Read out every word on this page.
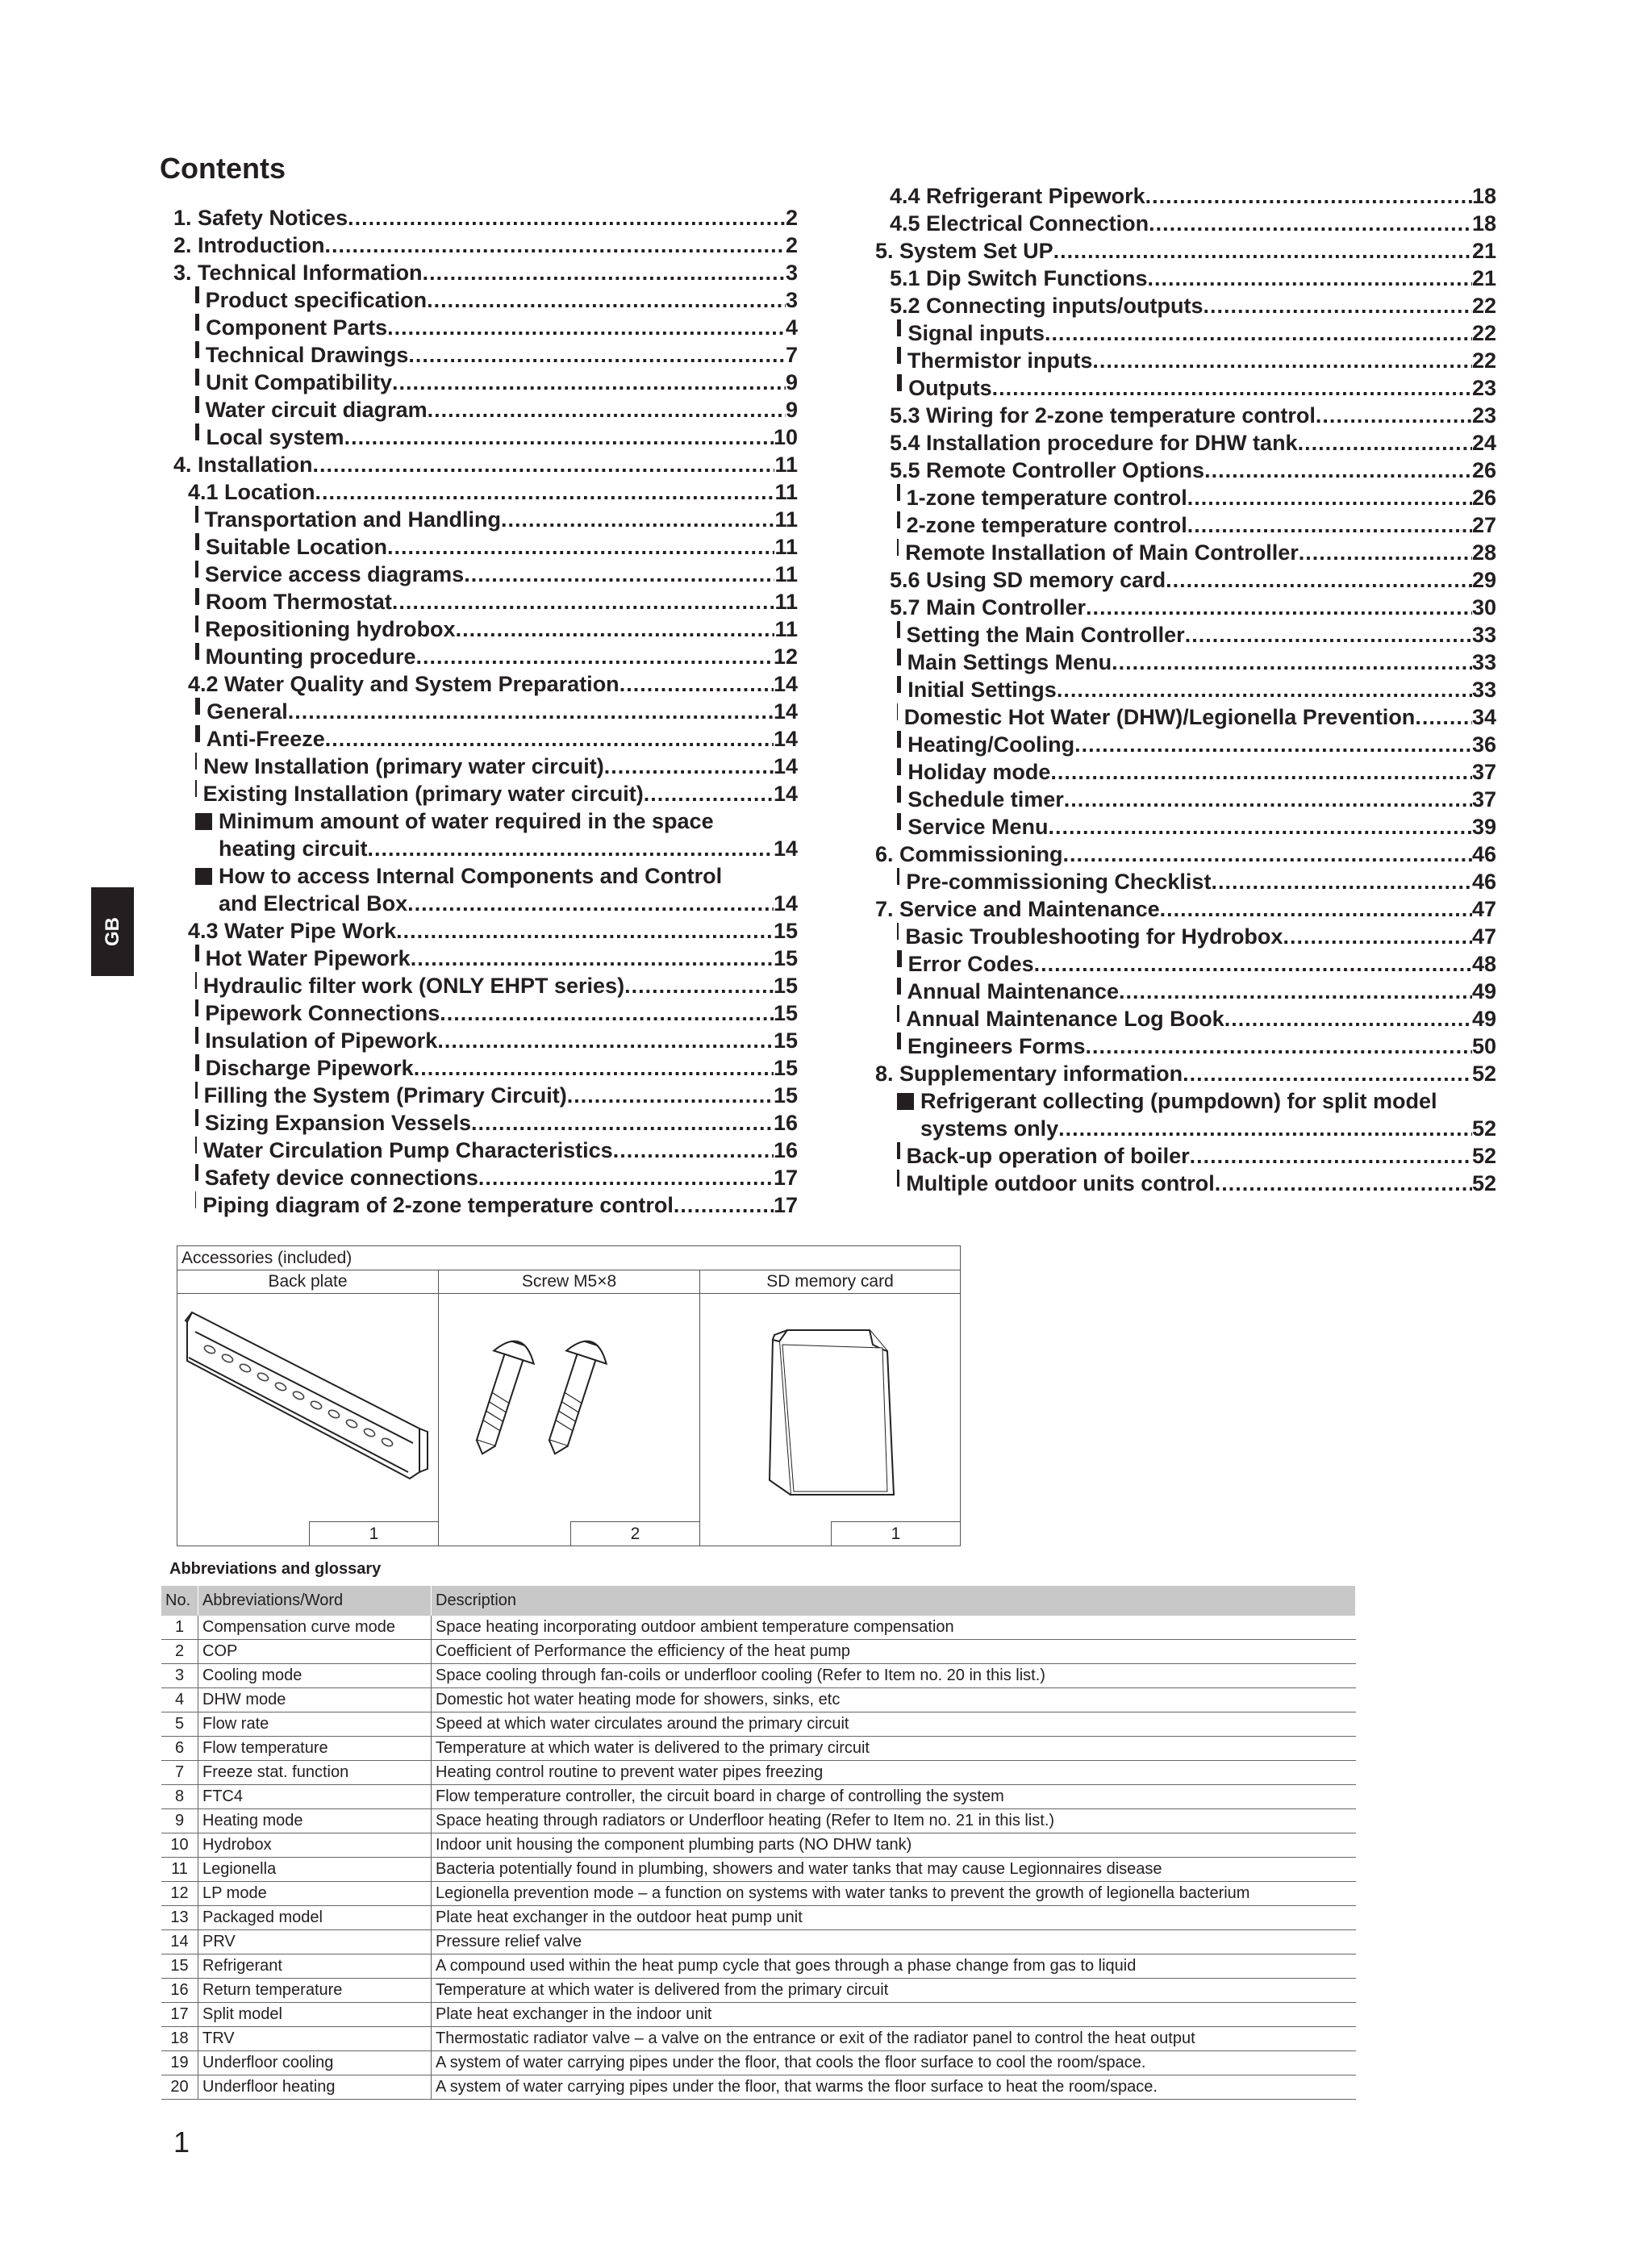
Contents
1. Safety Notices .....	2
2. Introduction .....	2
3. Technical Information .....	3
Product specification .....	3
Component Parts .....	4
Technical Drawings .....	7
Unit Compatibility .....	9
Water circuit diagram .....	9
Local system .....	10
4. Installation .....	11
4.1 Location .....	11
Transportation and Handling .....	11
Suitable Location .....	11
Service access diagrams .....	11
Room Thermostat .....	11
Repositioning hydrobox .....	11
Mounting procedure .....	12
4.2 Water Quality and System Preparation .....	14
General .....	14
Anti-Freeze .....	14
New Installation (primary water circuit) .....	14
Existing Installation (primary water circuit) .....	14
Minimum amount of water required in the space
heating circuit .....	14
How to access Internal Components and Control
and Electrical Box .....	14
4.3 Water Pipe Work .....	15
Hot Water Pipework .....	15
Hydraulic filter work (ONLY EHPT series) .....	15
Pipework Connections .....	15
Insulation of Pipework .....	15
Discharge Pipework .....	15
Filling the System (Primary Circuit) .....	15
Sizing Expansion Vessels .....	16
Water Circulation Pump Characteristics .....	16
Safety device connections .....	17
Piping diagram of 2-zone temperature control .....	17
4.4 Refrigerant Pipework .....	18
4.5 Electrical Connection .....	18
5. System Set UP .....	21
5.1 Dip Switch Functions .....	21
5.2 Connecting inputs/outputs .....	22
Signal inputs .....	22
Thermistor inputs .....	22
Outputs .....	23
5.3 Wiring for 2-zone temperature control .....	23
5.4 Installation procedure for DHW tank .....	24
5.5 Remote Controller Options .....	26
1-zone temperature control .....	26
2-zone temperature control .....	27
Remote Installation of Main Controller .....	28
5.6 Using SD memory card .....	29
5.7 Main Controller .....	30
Setting the Main Controller .....	33
Main Settings Menu .....	33
Initial Settings .....	33
Domestic Hot Water (DHW)/Legionella Prevention .....	34
Heating/Cooling .....	36
Holiday mode .....	37
Schedule timer .....	37
Service Menu .....	39
6. Commissioning .....	46
Pre-commissioning Checklist .....	46
7. Service and Maintenance .....	47
Basic Troubleshooting for Hydrobox .....	47
Error Codes .....	48
Annual Maintenance .....	49
Annual Maintenance Log Book .....	49
Engineers Forms .....	50
8. Supplementary information .....	52
Refrigerant collecting (pumpdown) for split model
systems only .....	52
Back-up operation of boiler .....	52
Multiple outdoor units control .....	52
GB
Accessories (included)
Back plate
1
Screw M5×8
2
SD memory card
1
Abbreviations and glossary
No.	Abbreviations/Word	Description
1	Compensation curve mode	Space heating incorporating outdoor ambient temperature compensation
2	COP	Coefficient of Performance the efficiency of the heat pump
3	Cooling mode	Space cooling through fan-coils or underfloor cooling (Refer to Item no. 20 in this list.)
4	DHW mode	Domestic hot water heating mode for showers, sinks, etc
5	Flow rate	Speed at which water circulates around the primary circuit
6	Flow temperature	Temperature at which water is delivered to the primary circuit
7	Freeze stat. function	Heating control routine to prevent water pipes freezing
8	FTC4	Flow temperature controller, the circuit board in charge of controlling the system
9	Heating mode	Space heating through radiators or Underfloor heating (Refer to Item no. 21 in this list.)
10	Hydrobox	Indoor unit housing the component plumbing parts (NO DHW tank)
11	Legionella	Bacteria potentially found in plumbing, showers and water tanks that may cause Legionnaires disease
12	LP mode	Legionella prevention mode – a function on systems with water tanks to prevent the growth of legionella bacterium
13	Packaged model	Plate heat exchanger in the outdoor heat pump unit
14	PRV	Pressure relief valve
15	Refrigerant	A compound used within the heat pump cycle that goes through a phase change from gas to liquid
16	Return temperature	Temperature at which water is delivered from the primary circuit
17	Split model	Plate heat exchanger in the indoor unit
18	TRV	Thermostatic radiator valve – a valve on the entrance or exit of the radiator panel to control the heat output
19	Underfloor cooling	A system of water carrying pipes under the floor, that cools the floor surface to cool the room/space.
20	Underfloor heating	A system of water carrying pipes under the floor, that warms the floor surface to heat the room/space.
1
